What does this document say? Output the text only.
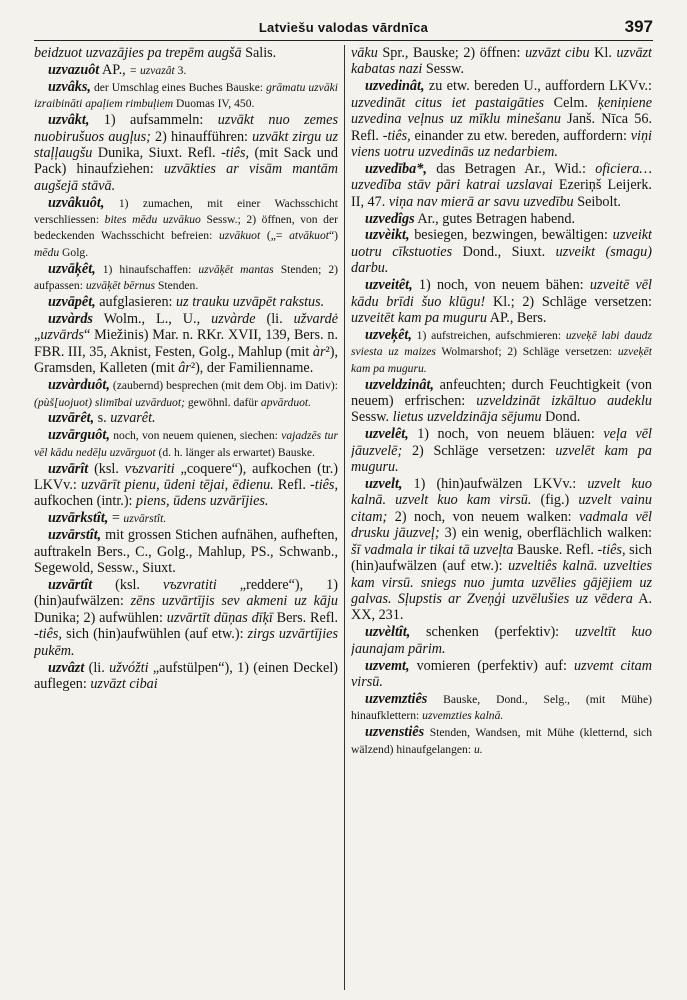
Latviešu valodas vārdnīca	397

beidzuot uzvazājies pa trepēm augšā Salis.

uzvazuôt AP., = uzvazât 3.

uzvâks, der Umschlag eines Buches Bauske: grāmatu uzvāki izraibināti apaļiem rimbuļiem Duomas IV, 450.

uzvâkt, 1) aufsammeln: uzvākt nuo zemes nuobirušuos augļus; 2) hinaufführen: uzvākt zirgu uz staļļaugšu Dunika, Siuxt. Refl. -tiês, (mit Sack und Pack) hinaufziehen: uzvākties ar visām mantām augšejā stāvā.

uzvâkuôt, 1) zumachen, mit einer Wachsschicht verschliessen: bites mēdu uzvākuo Sessw.; 2) öffnen, von der bedeckenden Wachsschicht befreien: uzvākuot („= atvākuot“) mēdu Golg.

uzvāķêt, 1) hinaufschaffen: uzvāķēt mantas Stenden; 2) aufpassen: uzvāķēt bērnus Stenden.

uzvāpêt, aufglasieren: uz trauku uzvāpēt rakstus.

uzvàrds Wolm., L., U., uzvàrde (li. užvardė „uzvārds“ Miežinis) Mar. n. RKr. XVII, 139, Bers. n. FBR. III, 35, Aknist, Festen, Golg., Mahlup (mit àr²), Gramsden, Kalleten (mit âr²), der Familienname.

uzvàrduôt, (zaubernd) besprechen (mit dem Obj. im Dativ): (pùš[uojuot) slimībai uzvārduot; gewöhnl. dafür apvārduot.

uzvārêt, s. uzvarêt.

uzvārguôt, noch, von neuem quienen, siechen: vajadzēs tur vēl kādu nedēļu uzvārguot (d. h. länger als erwartet) Bauske.

uzvārît (ksl. vъzvariti „coquere“), aufkochen (tr.) LKVv.: uzvārīt pienu, ūdeni tējai, ēdienu. Refl. -tiês, aufkochen (intr.): piens, ūdens uzvārījies.

uzvārkstît, = uzvārstît.

uzvārstît, mit grossen Stichen aufnähen, aufheften, auftrakeln Bers., C., Golg., Mahlup, PS., Schwanb., Segewold, Sessw., Siuxt.

uzvārtît (ksl. vъzvratiti „reddere“), 1) (hin)aufwälzen: zēns uzvārtījis sev akmeni uz kāju Dunika; 2) aufwühlen: uzvārtīt dūņas dīķī Bers. Refl. -tiês, sich (hin)aufwühlen (auf etw.): zirgs uzvārtījies pukēm.

uzvâzt (li. užvóžti „aufstülpen“), 1) (einen Deckel) auflegen: uzvāzt cibai

vāku Spr., Bauske; 2) öffnen: uzvāzt cibu Kl. uzvāzt kabatas nazi Sessw.

uzvedinât, zu etw. bereden U., auffordern LKVv.: uzvedināt citus iet pastaigāties Celm. ķeniņiene uzvedina veļnus uz mīklu minešanu Janš. Nīca 56. Refl. -tiês, einander zu etw. bereden, auffordern: viņi viens uotru uzvedinās uz nedarbiem.

uzvedība*, das Betragen Ar., Wid.: oficiera… uzvedība stāv pāri katrai uzslavai Ezeriņš Leijerk. II, 47. viņa nav mierā ar savu uzvedību Seibolt.

uzvedîgs Ar., gutes Betragen habend.

uzvèikt, besiegen, bezwingen, bewältigen: uzveikt uotru cīkstuoties Dond., Siuxt. uzveikt (smagu) darbu.

uzveitêt, 1) noch, von neuem bähen: uzveitē vēl kādu brīdi šuo klūgu! Kl.; 2) Schläge versetzen: uzveitēt kam pa muguru AP., Bers.

uzveķêt, 1) aufstreichen, aufschmieren: uzveķē labi daudz sviesta uz maizes Wolmarshof; 2) Schläge versetzen: uzveķēt kam pa muguru.

uzveldzinât, anfeuchten; durch Feuchtigkeit (von neuem) erfrischen: uzveldzināt izkāltuo audeklu Sessw. lietus uzveldzināja sējumu Dond.

uzvelêt, 1) noch, von neuem bläuen: veļa vēl jāuzvelē; 2) Schläge versetzen: uzvelēt kam pa muguru.

uzvelt, 1) (hin)aufwälzen LKVv.: uzvelt kuo kalnā. uzvelt kuo kam virsū. (fig.) uzvelt vainu citam; 2) noch, von neuem walken: vadmala vēl drusku jāuzveļ; 3) ein wenig, oberflächlich walken: šī vadmala ir tikai tā uzveļta Bauske. Refl. -tiês, sich (hin)aufwälzen (auf etw.): uzveltiês kalnā. uzvelties kam virsū. sniegs nuo jumta uzvēlies gājējiem uz galvas. Sļupstis ar Zveņģi uzvēlušies uz vēdera A. XX, 231.

uzvèltît, schenken (perfektiv): uzveltīt kuo jaunajam pārim.

uzvemt, vomieren (perfektiv) auf: uzvemt citam virsū.

uzvemztiês Bauske, Dond., Selg., (mit Mühe) hinaufklettern: uzvemzties kalnā.

uzvenstiês Stenden, Wandsen, mit Mühe (kletternd, sich wälzend) hinaufgelangen: u.
